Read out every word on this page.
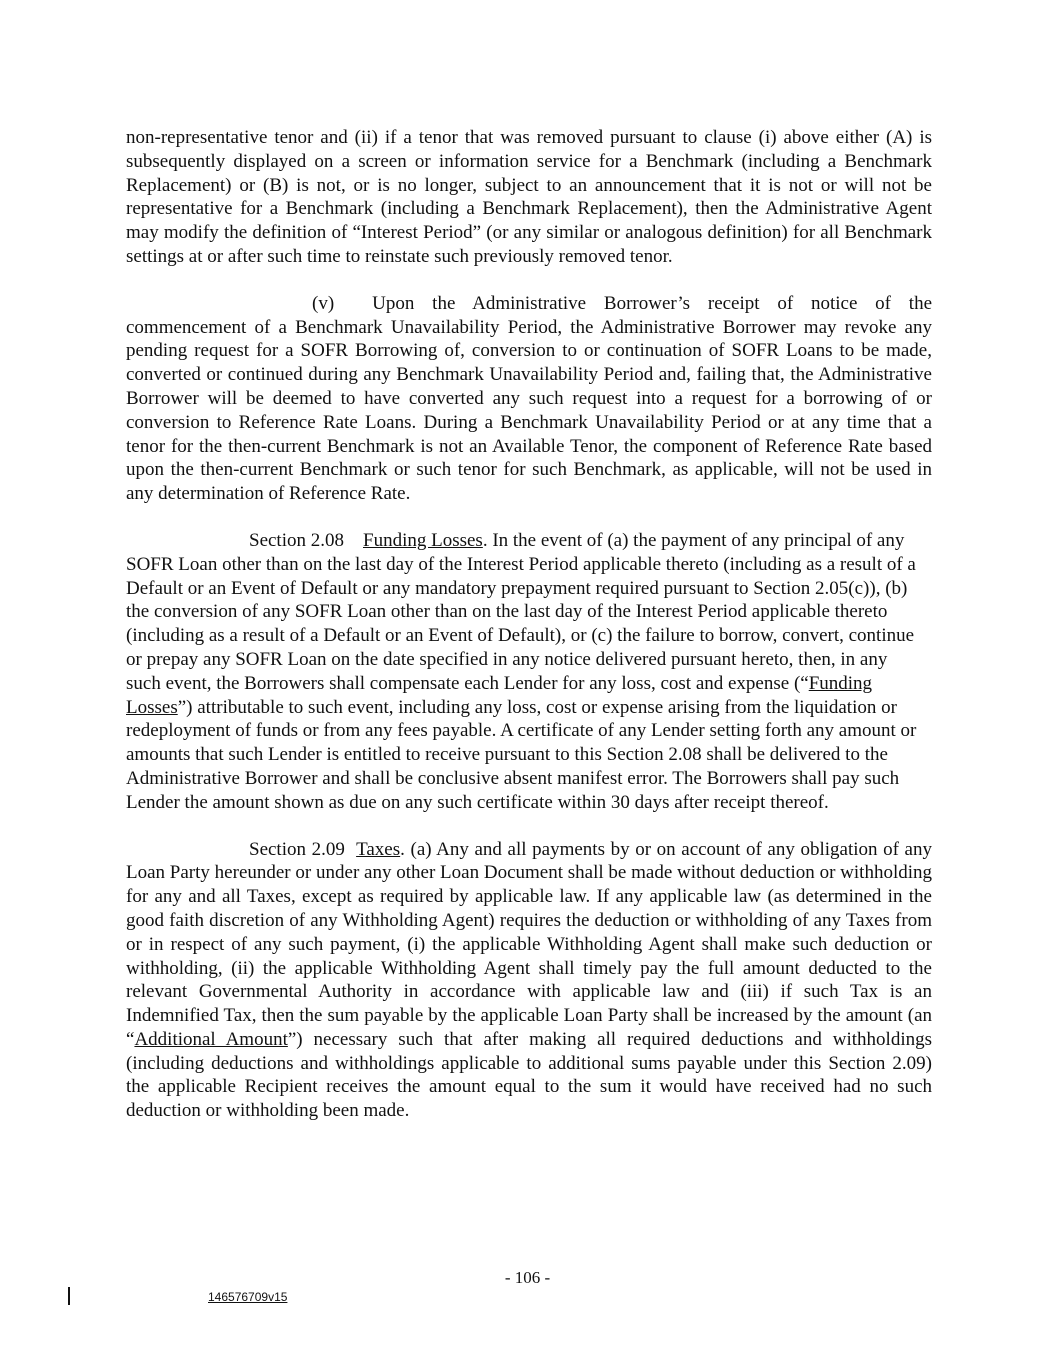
non-representative tenor and (ii) if a tenor that was removed pursuant to clause (i) above either (A) is subsequently displayed on a screen or information service for a Benchmark (including a Benchmark Replacement) or (B) is not, or is no longer, subject to an announcement that it is not or will not be representative for a Benchmark (including a Benchmark Replacement), then the Administrative Agent may modify the definition of “Interest Period” (or any similar or analogous definition) for all Benchmark settings at or after such time to reinstate such previously removed tenor.

(v) Upon the Administrative Borrower’s receipt of notice of the commencement of a Benchmark Unavailability Period, the Administrative Borrower may revoke any pending request for a SOFR Borrowing of, conversion to or continuation of SOFR Loans to be made, converted or continued during any Benchmark Unavailability Period and, failing that, the Administrative Borrower will be deemed to have converted any such request into a request for a borrowing of or conversion to Reference Rate Loans. During a Benchmark Unavailability Period or at any time that a tenor for the then-current Benchmark is not an Available Tenor, the component of Reference Rate based upon the then-current Benchmark or such tenor for such Benchmark, as applicable, will not be used in any determination of Reference Rate.

Section 2.08 Funding Losses. In the event of (a) the payment of any principal of any SOFR Loan other than on the last day of the Interest Period applicable thereto (including as a result of a Default or an Event of Default or any mandatory prepayment required pursuant to Section 2.05(c)), (b) the conversion of any SOFR Loan other than on the last day of the Interest Period applicable thereto (including as a result of a Default or an Event of Default), or (c) the failure to borrow, convert, continue or prepay any SOFR Loan on the date specified in any notice delivered pursuant hereto, then, in any such event, the Borrowers shall compensate each Lender for any loss, cost and expense (“Funding Losses”) attributable to such event, including any loss, cost or expense arising from the liquidation or redeployment of funds or from any fees payable. A certificate of any Lender setting forth any amount or amounts that such Lender is entitled to receive pursuant to this Section 2.08 shall be delivered to the Administrative Borrower and shall be conclusive absent manifest error. The Borrowers shall pay such Lender the amount shown as due on any such certificate within 30 days after receipt thereof.

Section 2.09 Taxes. (a) Any and all payments by or on account of any obligation of any Loan Party hereunder or under any other Loan Document shall be made without deduction or withholding for any and all Taxes, except as required by applicable law. If any applicable law (as determined in the good faith discretion of any Withholding Agent) requires the deduction or withholding of any Taxes from or in respect of any such payment, (i) the applicable Withholding Agent shall make such deduction or withholding, (ii) the applicable Withholding Agent shall timely pay the full amount deducted to the relevant Governmental Authority in accordance with applicable law and (iii) if such Tax is an Indemnified Tax, then the sum payable by the applicable Loan Party shall be increased by the amount (an “Additional Amount”) necessary such that after making all required deductions and withholdings (including deductions and withholdings applicable to additional sums payable under this Section 2.09) the applicable Recipient receives the amount equal to the sum it would have received had no such deduction or withholding been made.

- 106 -
146576709v15
